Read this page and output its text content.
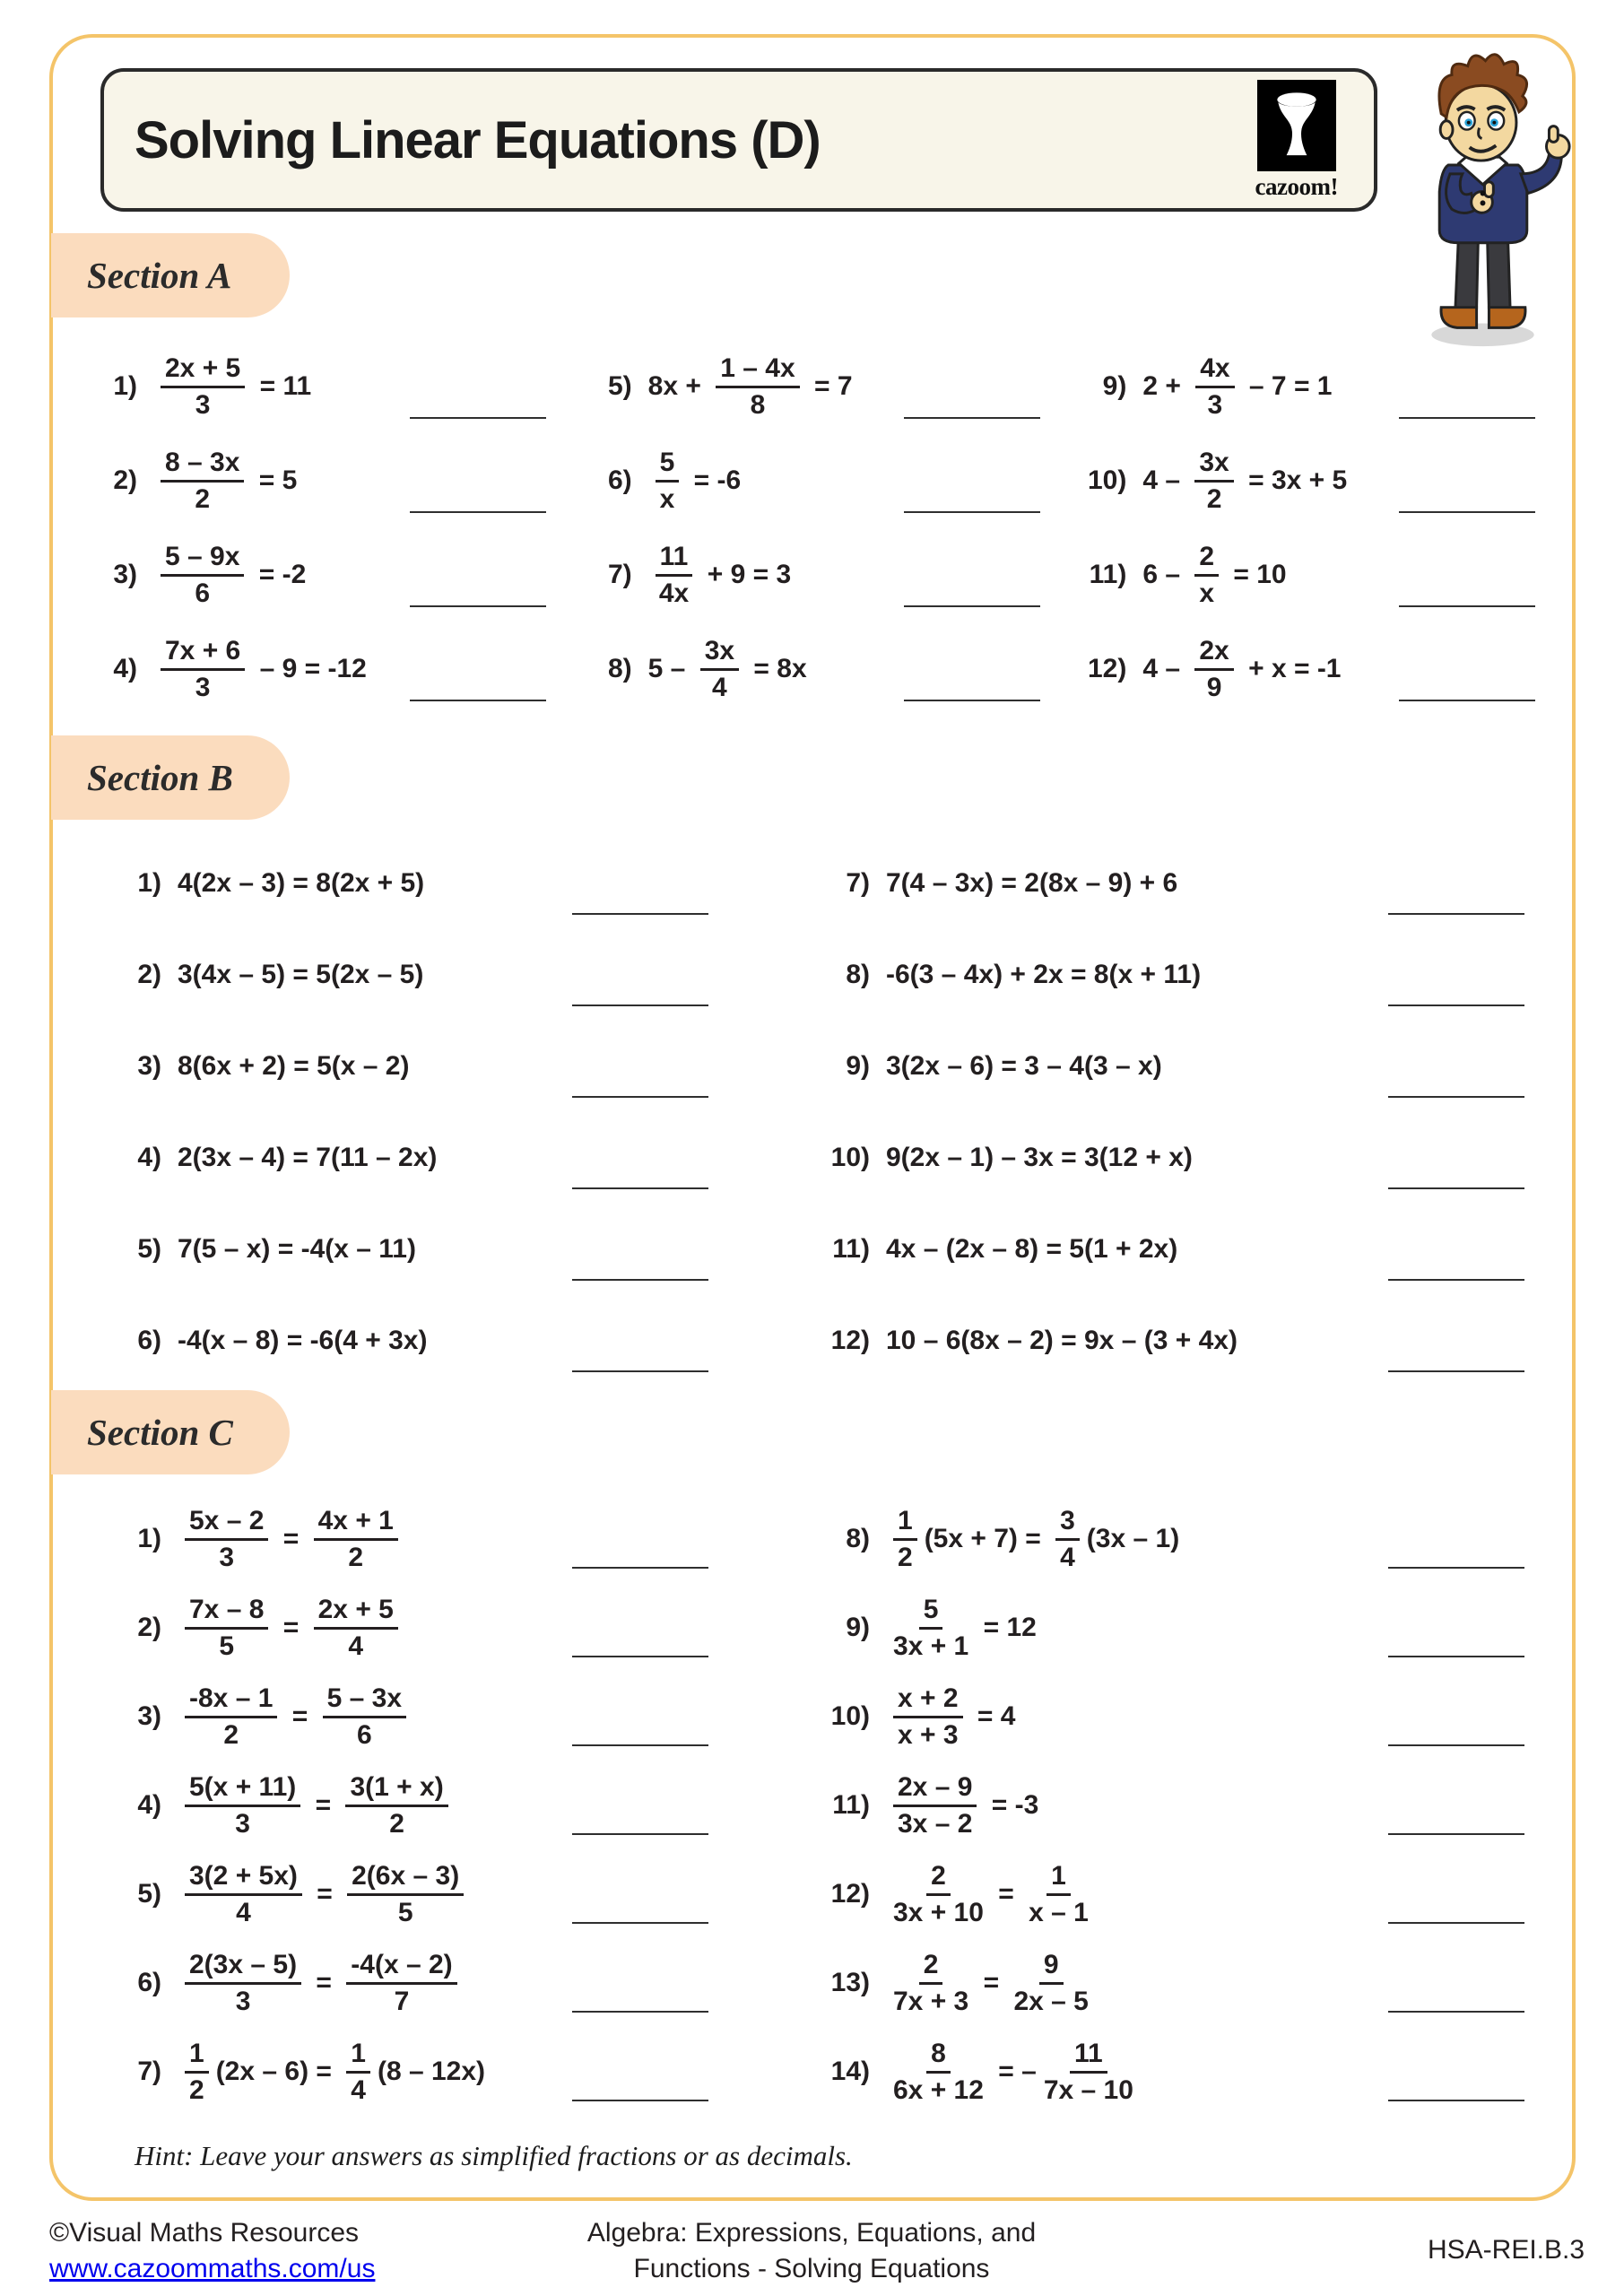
Solving Linear Equations (D)
cazoom!
Section A
$1) \frac{2x + 5}{3} = 11$
$2) \frac{8 - 3x}{2} = 5$
$3) \frac{5 - 9x}{6} = -2$
$4) \frac{7x + 6}{3} - 9 = -12$
5) $8x + \frac{1 - 4x}{8} = 7$
$6) \frac{5}{x} = -6$
$7) \frac{11}{4x} + 9 = 3$
8) $5 - \frac{3x}{4} = 8x$
9) $2 + \frac{4x}{3} - 7 = 1$
10) $4 - \frac{3x}{2} = 3x + 5$
11) $6 - \frac{2}{x} = 10$
12) $4 - \frac{2x}{9} + x = -1$
Section B
1) 4(2x – 3) = 8(2x + 5)
2) 3(4x – 5) = 5(2x – 5)
3) 8(6x + 2) = 5(x – 2)
4) 2(3x – 4) = 7(11 – 2x)
5) 7(5 – x) = -4(x – 11)
6) -4(x – 8) = -6(4 + 3x)
7) 7(4 – 3x) = 2(8x – 9) + 6
8) -6(3 – 4x) + 2x = 8(x + 11)
9) 3(2x – 6) = 3 – 4(3 – x)
10) 9(2x – 1) – 3x = 3(12 + x)
11) 4x – (2x – 8) = 5(1 + 2x)
12) 10 – 6(8x – 2) = 9x – (3 + 4x)
Section C
$1) \frac{5x - 2}{3} = \frac{4x + 1}{2}$
$2) \frac{7x - 8}{5} = \frac{2x + 5}{4}$
$3) \frac{-8x - 1}{2} = \frac{5 - 3x}{6}$
$4) \frac{5(x + 11)}{3} = \frac{3(1 + x)}{2}$
$5) \frac{3(2 + 5x)}{4} = \frac{2(6x - 3)}{5}$
$6) \frac{2(3x - 5)}{3} = \frac{-4(x - 2)}{7}$
$7) \frac{1}{2} (2x - 6) = \frac{1}{4} (8 - 12x)$
$8) \frac{1}{2} (5x + 7) = \frac{3}{4} (3x - 1)$
$9) \frac{5}{3x + 1} = 12$
$10) \frac{x + 2}{x + 3} = 4$
$11) \frac{2x - 9}{3x - 2} = -3$
$12) \frac{2}{3x + 10} = \frac{1}{x - 1}$
$13) \frac{2}{7x + 3} = \frac{9}{2x - 5}$
$14) \frac{8}{6x + 12}$ = – $\frac{11}{7x - 10}$
Hint: Leave your answers as simplified fractions or as decimals.
©Visual Maths Resources
www.cazoommaths.com/us
Algebra: Expressions, Equations, and
Functions - Solving Equations
HSA-REI.B.3
